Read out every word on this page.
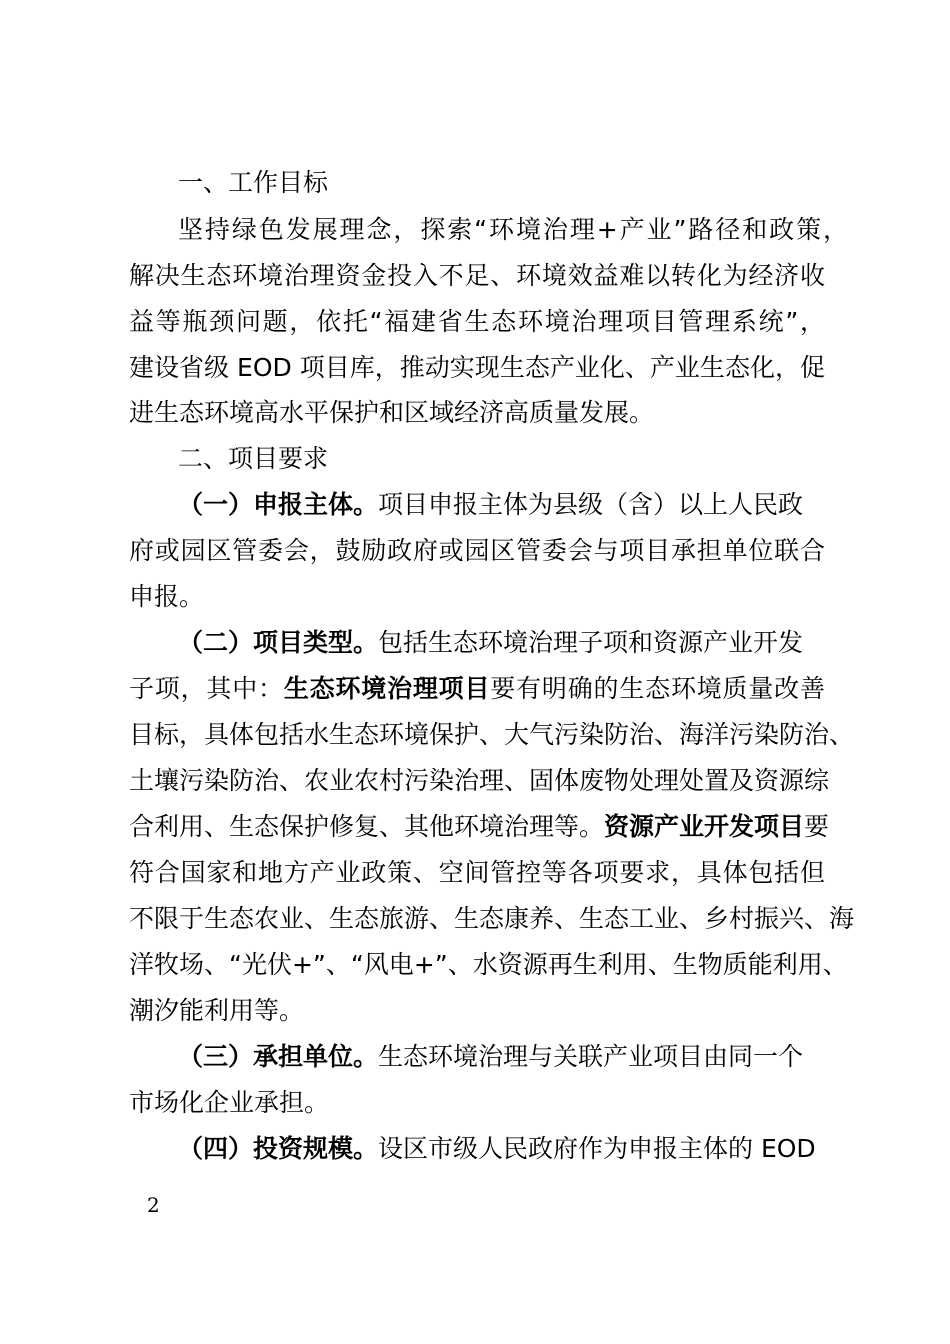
一、工作目标
坚持绿色发展理念，探索“环境治理+产业”路径和政策，
解决生态环境治理资金投入不足、环境效益难以转化为经济收
益等瓶颈问题，依托“福建省生态环境治理项目管理系统”，
建设省级 EOD 项目库，推动实现生态产业化、产业生态化，促
进生态环境高水平保护和区域经济高质量发展。
二、项目要求
（一）申报主体。项目申报主体为县级（含）以上人民政
府或园区管委会，鼓励政府或园区管委会与项目承担单位联合
申报。
（二）项目类型。包括生态环境治理子项和资源产业开发
子项，其中：生态环境治理项目要有明确的生态环境质量改善
目标，具体包括水生态环境保护、大气污染防治、海洋污染防治、
土壤污染防治、农业农村污染治理、固体废物处理处置及资源综
合利用、生态保护修复、其他环境治理等。资源产业开发项目要
符合国家和地方产业政策、空间管控等各项要求，具体包括但
不限于生态农业、生态旅游、生态康养、生态工业、乡村振兴、海
洋牧场、“光伏+”、“风电+”、水资源再生利用、生物质能利用、
潮汐能利用等。
（三）承担单位。生态环境治理与关联产业项目由同一个
市场化企业承担。
（四）投资规模。设区市级人民政府作为申报主体的 EOD
2
